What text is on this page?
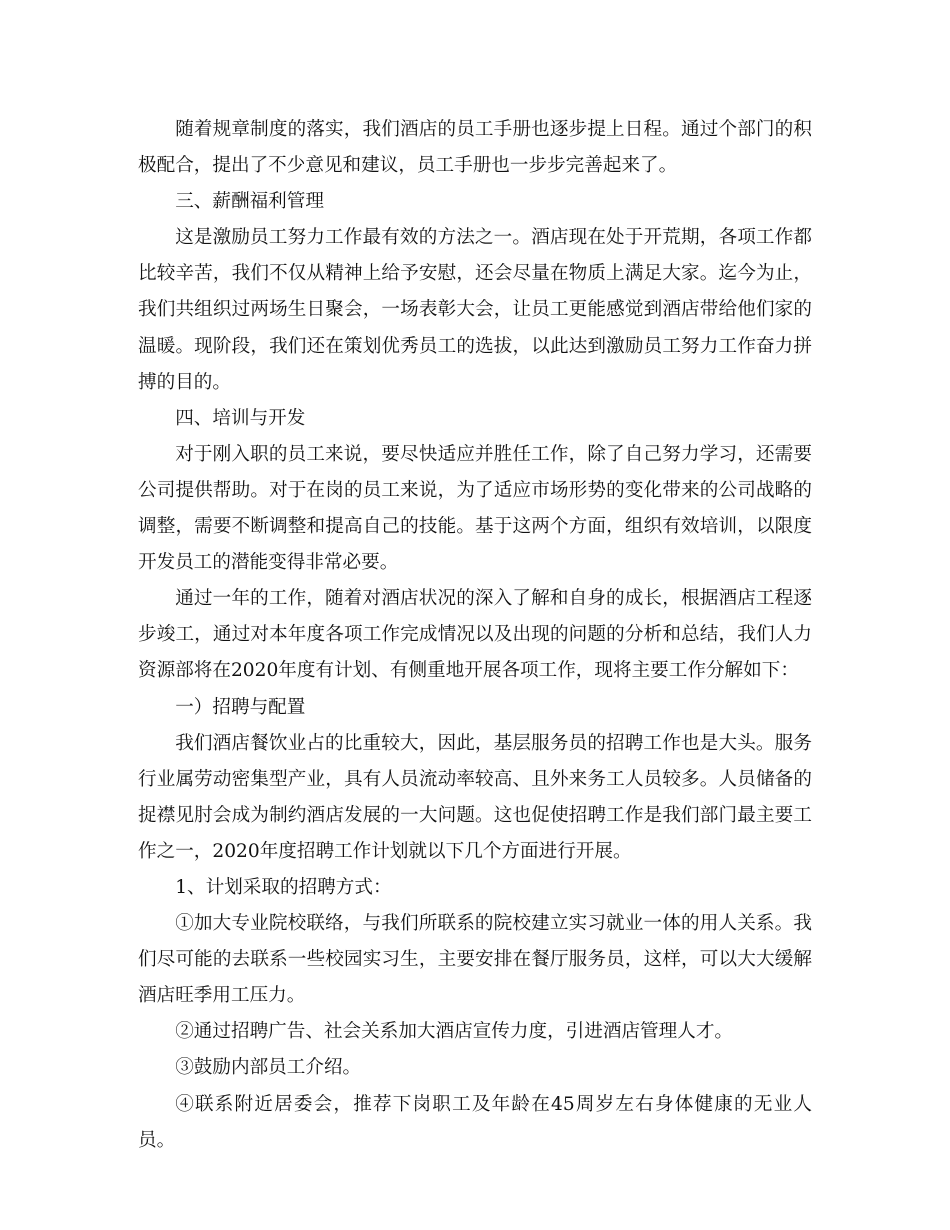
随着规章制度的落实，我们酒店的员工手册也逐步提上日程。通过个部门的积极配合，提出了不少意见和建议，员工手册也一步步完善起来了。

三、薪酬福利管理

这是激励员工努力工作最有效的方法之一。酒店现在处于开荒期，各项工作都比较辛苦，我们不仅从精神上给予安慰，还会尽量在物质上满足大家。迄今为止，我们共组织过两场生日聚会，一场表彰大会，让员工更能感觉到酒店带给他们家的温暖。现阶段，我们还在策划优秀员工的选拔，以此达到激励员工努力工作奋力拼搏的目的。

四、培训与开发

对于刚入职的员工来说，要尽快适应并胜任工作，除了自己努力学习，还需要公司提供帮助。对于在岗的员工来说，为了适应市场形势的变化带来的公司战略的调整，需要不断调整和提高自己的技能。基于这两个方面，组织有效培训，以限度开发员工的潜能变得非常必要。

通过一年的工作，随着对酒店状况的深入了解和自身的成长，根据酒店工程逐步竣工，通过对本年度各项工作完成情况以及出现的问题的分析和总结，我们人力资源部将在2020年度有计划、有侧重地开展各项工作，现将主要工作分解如下：

一）招聘与配置

我们酒店餐饮业占的比重较大，因此，基层服务员的招聘工作也是大头。服务行业属劳动密集型产业，具有人员流动率较高、且外来务工人员较多。人员储备的捉襟见肘会成为制约酒店发展的一大问题。这也促使招聘工作是我们部门最主要工作之一，2020年度招聘工作计划就以下几个方面进行开展。

1、计划采取的招聘方式：

①加大专业院校联络，与我们所联系的院校建立实习就业一体的用人关系。我们尽可能的去联系一些校园实习生，主要安排在餐厅服务员，这样，可以大大缓解酒店旺季用工压力。

②通过招聘广告、社会关系加大酒店宣传力度，引进酒店管理人才。

③鼓励内部员工介绍。

④联系附近居委会，推荐下岗职工及年龄在45周岁左右身体健康的无业人员。
